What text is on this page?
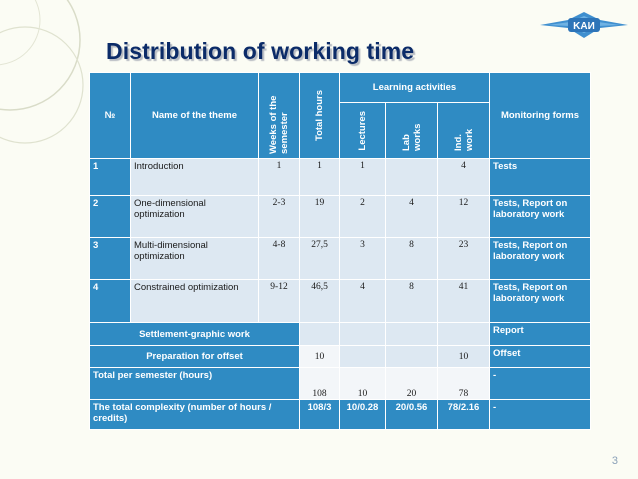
KAИ
Distribution of working time
№	Name of the theme	Weeks of the semester	Total hours	Learning activities			Monitoring forms

				Lectures	Lab works	Ind. work	

1	Introduction	1	1	1		4	Tests
2	One-dimensional optimization	2-3	19	2	4	12	Tests, Report on laboratory work
3	Multi-dimensional optimization	4-8	27,5	3	8	23	Tests, Report on laboratory work
4	Constrained optimization	9-12	46,5	4	8	41	Tests, Report on laboratory work
Settlement-graphic work							Report
Preparation for offset			10			10	Offset
Total per semester (hours)			108	10	20	78	-
The total complexity (number of hours / credits)			108/3	10/0.28	20/0.56	78/2.16	-
3
